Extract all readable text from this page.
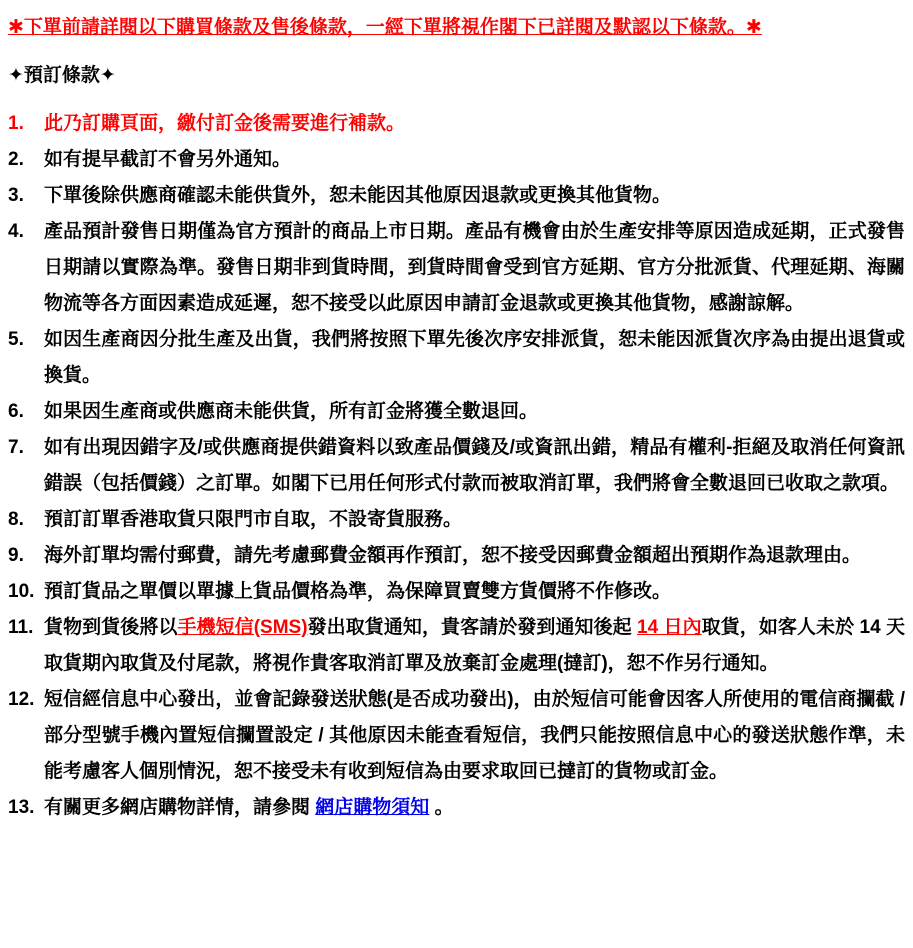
✱下單前請詳閱以下購買條款及售後條款，一經下單將視作閣下已詳閱及默認以下條款。✱
✦預訂條款✦
1.	此乃訂購頁面，繳付訂金後需要進行補款。
2.	如有提早截訂不會另外通知。
3.	下單後除供應商確認未能供貨外，恕未能因其他原因退款或更換其他貨物。
4.	產品預計發售日期僅為官方預計的商品上市日期。產品有機會由於生產安排等原因造成延期，正式發售日期請以實際為準。發售日期非到貨時間，到貨時間會受到官方延期、官方分批派貨、代理延期、海關物流等各方面因素造成延遲，恕不接受以此原因申請訂金退款或更換其他貨物，感謝諒解。
5.	如因生產商因分批生產及出貨，我們將按照下單先後次序安排派貨，恕未能因派貨次序為由提出退貨或換貨。
6.	如果因生產商或供應商未能供貨，所有訂金將獲全數退回。
7.	如有出現因錯字及/或供應商提供錯資料以致產品價錢及/或資訊出錯，精品有權利-拒絕及取消任何資訊錯誤（包括價錢）之訂單。如閣下已用任何形式付款而被取消訂單，我們將會全數退回已收取之款項。
8.	預訂訂單香港取貨只限門市自取，不設寄貨服務。
9.	海外訂單均需付郵費，請先考慮郵費金額再作預訂，恕不接受因郵費金額超出預期作為退款理由。
10. 預訂貨品之單價以單據上貨品價格為準，為保障買賣雙方貨價將不作修改。
11. 貨物到貨後將以手機短信(SMS)發出取貨通知，貴客請於發到通知後起 14 日內取貨，如客人未於 14 天取貨期內取貨及付尾款，將視作貴客取消訂單及放棄訂金處理(撻訂)，恕不作另行通知。
12. 短信經信息中心發出，並會記錄發送狀態(是否成功發出)，由於短信可能會因客人所使用的電信商攔截 / 部分型號手機內置短信攔置設定 / 其他原因未能查看短信，我們只能按照信息中心的發送狀態作準，未能考慮客人個別情況，恕不接受未有收到短信為由要求取回已撻訂的貨物或訂金。
13. 有關更多網店購物詳情，請參閱 網店購物須知 。
